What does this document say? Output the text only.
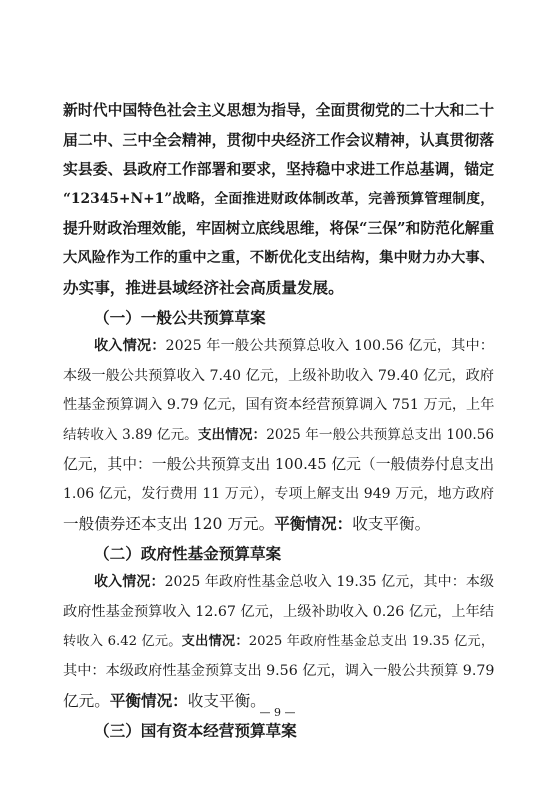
新时代中国特色社会主义思想为指导，全面贯彻党的二十大和二十
届二中、三中全会精神，贯彻中央经济工作会议精神，认真贯彻落
实县委、县政府工作部署和要求，坚持稳中求进工作总基调，锚定
“12345+N+1”战略，全面推进财政体制改革，完善预算管理制度，
提升财政治理效能，牢固树立底线思维，将保“三保”和防范化解重
大风险作为工作的重中之重，不断优化支出结构，集中财力办大事、
办实事，推进县域经济社会高质量发展。
（一）一般公共预算草案
收入情况：2025 年一般公共预算总收入 100.56 亿元，其中：
本级一般公共预算收入 7.40 亿元，上级补助收入 79.40 亿元，政府
性基金预算调入 9.79 亿元，国有资本经营预算调入 751 万元，上年
结转收入 3.89 亿元。支出情况：2025 年一般公共预算总支出 100.56
亿元，其中：一般公共预算支出 100.45 亿元（一般债券付息支出
1.06 亿元，发行费用 11 万元），专项上解支出 949 万元，地方政府
一般债券还本支出 120 万元。平衡情况：收支平衡。
（二）政府性基金预算草案
收入情况：2025 年政府性基金总收入 19.35 亿元，其中：本级
政府性基金预算收入 12.67 亿元，上级补助收入 0.26 亿元，上年结
转收入 6.42 亿元。支出情况：2025 年政府性基金总支出 19.35 亿元，
其中：本级政府性基金预算支出 9.56 亿元，调入一般公共预算 9.79
亿元。平衡情况：收支平衡。
（三）国有资本经营预算草案
— 9 —
